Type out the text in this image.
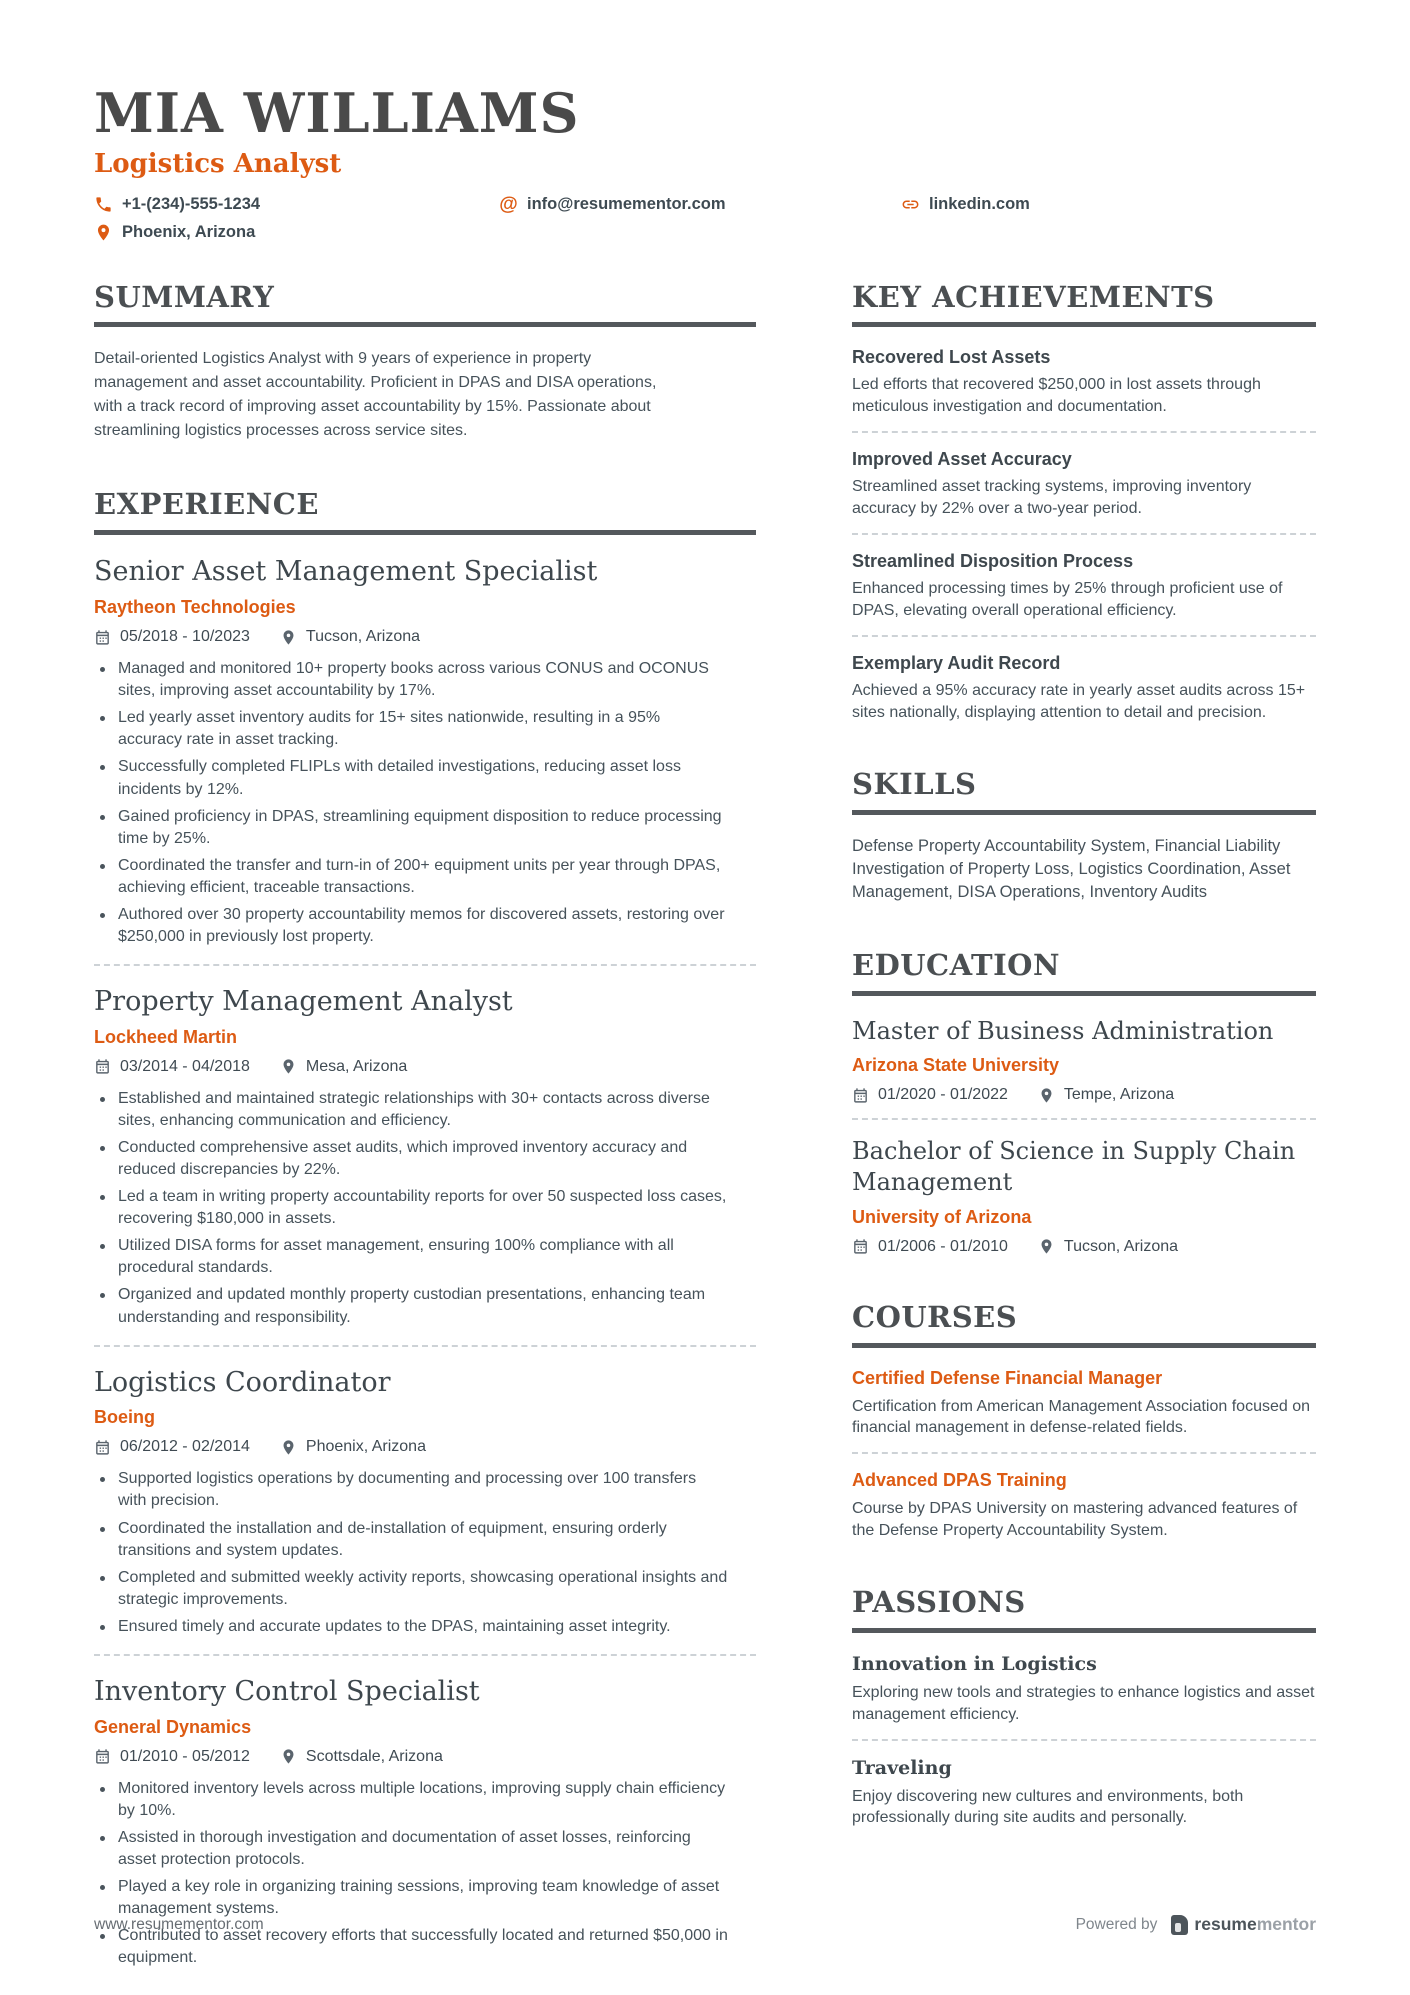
MIA WILLIAMS
Logistics Analyst
+1-(234)-555-1234	@ info@resumementor.com	linkedin.com
Phoenix, Arizona
SUMMARY

Detail-oriented Logistics Analyst with 9 years of experience in property management and asset accountability. Proficient in DPAS and DISA operations, with a track record of improving asset accountability by 15%. Passionate about streamlining logistics processes across service sites.

EXPERIENCE
Senior Asset Management Specialist
Raytheon Technologies
05/2018 - 10/2023	Tucson, Arizona
Managed and monitored 10+ property books across various CONUS and OCONUS sites, improving asset accountability by 17%.
Led yearly asset inventory audits for 15+ sites nationwide, resulting in a 95% accuracy rate in asset tracking.
Successfully completed FLIPLs with detailed investigations, reducing asset loss incidents by 12%.
Gained proficiency in DPAS, streamlining equipment disposition to reduce processing time by 25%.
Coordinated the transfer and turn-in of 200+ equipment units per year through DPAS, achieving efficient, traceable transactions.
Authored over 30 property accountability memos for discovered assets, restoring over $250,000 in previously lost property.
Property Management Analyst
Lockheed Martin
03/2014 - 04/2018	Mesa, Arizona
Established and maintained strategic relationships with 30+ contacts across diverse sites, enhancing communication and efficiency.
Conducted comprehensive asset audits, which improved inventory accuracy and reduced discrepancies by 22%.
Led a team in writing property accountability reports for over 50 suspected loss cases, recovering $180,000 in assets.
Utilized DISA forms for asset management, ensuring 100% compliance with all procedural standards.
Organized and updated monthly property custodian presentations, enhancing team understanding and responsibility.
Logistics Coordinator
Boeing
06/2012 - 02/2014	Phoenix, Arizona
Supported logistics operations by documenting and processing over 100 transfers with precision.
Coordinated the installation and de-installation of equipment, ensuring orderly transitions and system updates.
Completed and submitted weekly activity reports, showcasing operational insights and strategic improvements.
Ensured timely and accurate updates to the DPAS, maintaining asset integrity.
Inventory Control Specialist
General Dynamics
01/2010 - 05/2012	Scottsdale, Arizona
Monitored inventory levels across multiple locations, improving supply chain efficiency by 10%.
Assisted in thorough investigation and documentation of asset losses, reinforcing asset protection protocols.
Played a key role in organizing training sessions, improving team knowledge of asset management systems.
Contributed to asset recovery efforts that successfully located and returned $50,000 in equipment.
KEY ACHIEVEMENTS
Recovered Lost Assets

Led efforts that recovered $250,000 in lost assets through meticulous investigation and documentation.

Improved Asset Accuracy

Streamlined asset tracking systems, improving inventory accuracy by 22% over a two-year period.

Streamlined Disposition Process

Enhanced processing times by 25% through proficient use of DPAS, elevating overall operational efficiency.

Exemplary Audit Record

Achieved a 95% accuracy rate in yearly asset audits across 15+ sites nationally, displaying attention to detail and precision.

SKILLS

Defense Property Accountability System, Financial Liability Investigation of Property Loss, Logistics Coordination, Asset Management, DISA Operations, Inventory Audits

EDUCATION
Master of Business Administration
Arizona State University
01/2020 - 01/2022	Tempe, Arizona
Bachelor of Science in Supply Chain Management
University of Arizona
01/2006 - 01/2010	Tucson, Arizona
COURSES
Certified Defense Financial Manager

Certification from American Management Association focused on financial management in defense-related fields.

Advanced DPAS Training

Course by DPAS University on mastering advanced features of the Defense Property Accountability System.

PASSIONS
Innovation in Logistics

Exploring new tools and strategies to enhance logistics and asset management efficiency.

Traveling

Enjoy discovering new cultures and environments, both professionally during site audits and personally.

www.resumementor.com	Powered by resumementor
